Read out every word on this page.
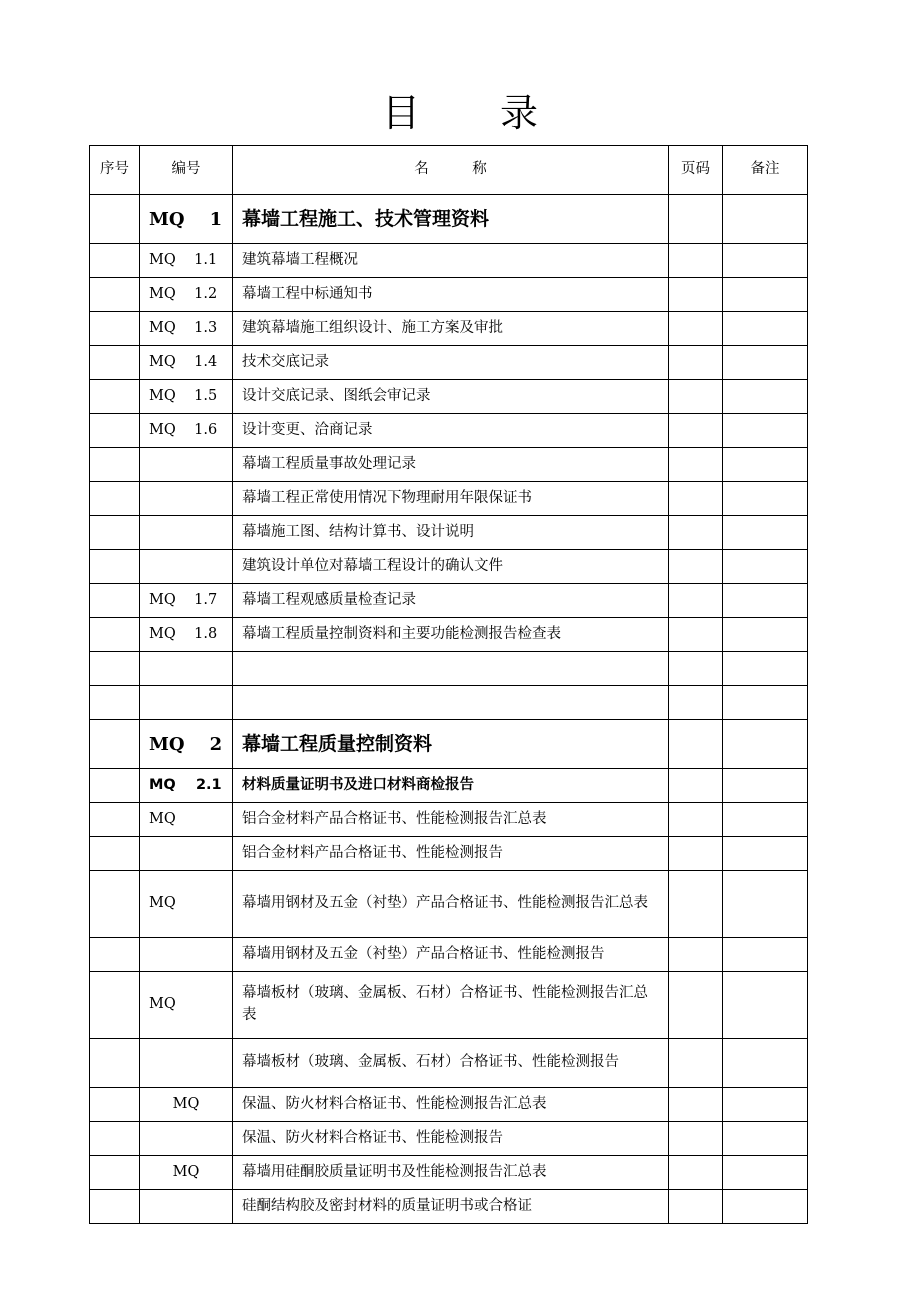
目 录
序号	编号	名　　　称	页码	备注
	MQ    1	幕墙工程施工、技术管理资料		
	MQ    1.1	建筑幕墙工程概况		
	MQ    1.2	幕墙工程中标通知书		
	MQ    1.3	建筑幕墙施工组织设计、施工方案及审批		
	MQ    1.4	技术交底记录		
	MQ    1.5	设计交底记录、图纸会审记录		
	MQ    1.6	设计变更、洽商记录		
		幕墙工程质量事故处理记录		
		幕墙工程正常使用情况下物理耐用年限保证书		
		幕墙施工图、结构计算书、设计说明		
		建筑设计单位对幕墙工程设计的确认文件		
	MQ    1.7	幕墙工程观感质量检查记录		
	MQ    1.8	幕墙工程质量控制资料和主要功能检测报告检查表		

	MQ    2	幕墙工程质量控制资料		
	MQ    2.1	材料质量证明书及进口材料商检报告		
	MQ	铝合金材料产品合格证书、性能检测报告汇总表		
		铝合金材料产品合格证书、性能检测报告		
	MQ	幕墙用钢材及五金（衬垫）产品合格证书、性能检测报告汇总表		
		幕墙用钢材及五金（衬垫）产品合格证书、性能检测报告		
	MQ	幕墙板材（玻璃、金属板、石材）合格证书、性能检测报告汇总表		
		幕墙板材（玻璃、金属板、石材）合格证书、性能检测报告		
	MQ	保温、防火材料合格证书、性能检测报告汇总表		
		保温、防火材料合格证书、性能检测报告		
	MQ	幕墙用硅酮胶质量证明书及性能检测报告汇总表		
		硅酮结构胶及密封材料的质量证明书或合格证		
